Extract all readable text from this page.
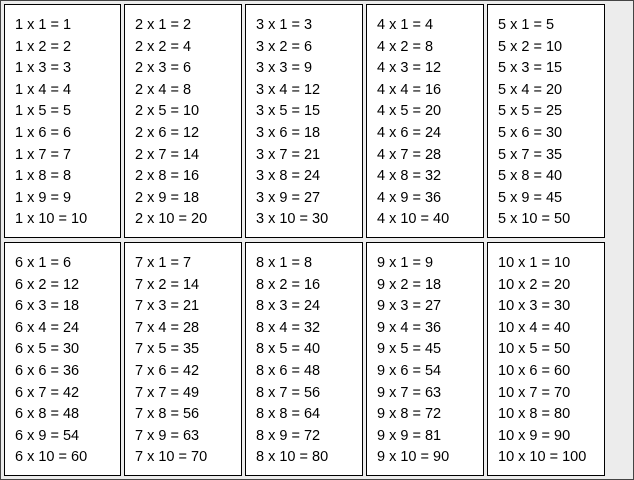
1 x 1 = 1
1 x 2 = 2
1 x 3 = 3
1 x 4 = 4
1 x 5 = 5
1 x 6 = 6
1 x 7 = 7
1 x 8 = 8
1 x 9 = 9
1 x 10 = 10
2 x 1 = 2
2 x 2 = 4
2 x 3 = 6
2 x 4 = 8
2 x 5 = 10
2 x 6 = 12
2 x 7 = 14
2 x 8 = 16
2 x 9 = 18
2 x 10 = 20
3 x 1 = 3
3 x 2 = 6
3 x 3 = 9
3 x 4 = 12
3 x 5 = 15
3 x 6 = 18
3 x 7 = 21
3 x 8 = 24
3 x 9 = 27
3 x 10 = 30
4 x 1 = 4
4 x 2 = 8
4 x 3 = 12
4 x 4 = 16
4 x 5 = 20
4 x 6 = 24
4 x 7 = 28
4 x 8 = 32
4 x 9 = 36
4 x 10 = 40
5 x 1 = 5
5 x 2 = 10
5 x 3 = 15
5 x 4 = 20
5 x 5 = 25
5 x 6 = 30
5 x 7 = 35
5 x 8 = 40
5 x 9 = 45
5 x 10 = 50
6 x 1 = 6
6 x 2 = 12
6 x 3 = 18
6 x 4 = 24
6 x 5 = 30
6 x 6 = 36
6 x 7 = 42
6 x 8 = 48
6 x 9 = 54
6 x 10 = 60
7 x 1 = 7
7 x 2 = 14
7 x 3 = 21
7 x 4 = 28
7 x 5 = 35
7 x 6 = 42
7 x 7 = 49
7 x 8 = 56
7 x 9 = 63
7 x 10 = 70
8 x 1 = 8
8 x 2 = 16
8 x 3 = 24
8 x 4 = 32
8 x 5 = 40
8 x 6 = 48
8 x 7 = 56
8 x 8 = 64
8 x 9 = 72
8 x 10 = 80
9 x 1 = 9
9 x 2 = 18
9 x 3 = 27
9 x 4 = 36
9 x 5 = 45
9 x 6 = 54
9 x 7 = 63
9 x 8 = 72
9 x 9 = 81
9 x 10 = 90
10 x 1 = 10
10 x 2 = 20
10 x 3 = 30
10 x 4 = 40
10 x 5 = 50
10 x 6 = 60
10 x 7 = 70
10 x 8 = 80
10 x 9 = 90
10 x 10 = 100
